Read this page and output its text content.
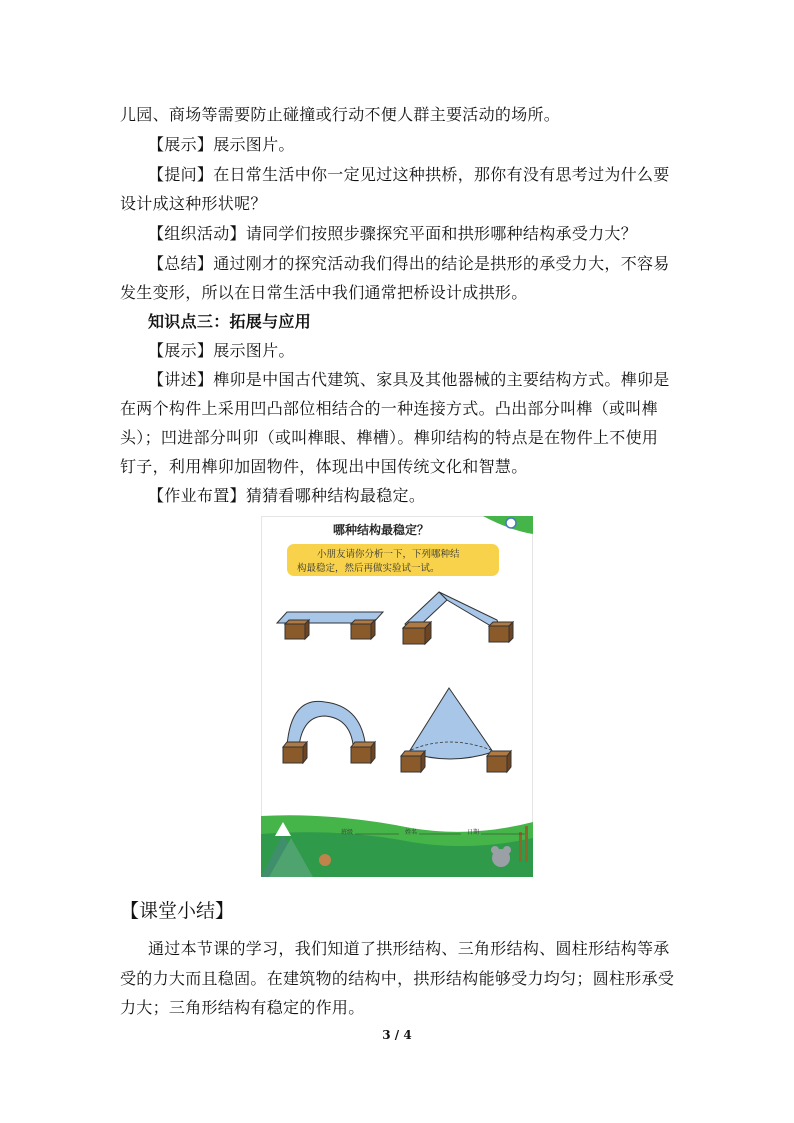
儿园、商场等需要防止碰撞或行动不便人群主要活动的场所。
【展示】展示图片。
【提问】在日常生活中你一定见过这种拱桥，那你有没有思考过为什么要
设计成这种形状呢？
【组织活动】请同学们按照步骤探究平面和拱形哪种结构承受力大？
【总结】通过刚才的探究活动我们得出的结论是拱形的承受力大，不容易
发生变形，所以在日常生活中我们通常把桥设计成拱形。
知识点三：拓展与应用
【展示】展示图片。
【讲述】榫卯是中国古代建筑、家具及其他器械的主要结构方式。榫卯是
在两个构件上采用凹凸部位相结合的一种连接方式。凸出部分叫榫（或叫榫
头）；凹进部分叫卯（或叫榫眼、榫槽）。榫卯结构的特点是在物件上不使用
钉子，利用榫卯加固物件，体现出中国传统文化和智慧。
【作业布置】猜猜看哪种结构最稳定。
哪种结构最稳定？
小朋友请你分析一下，下列哪种结
构最稳定，然后再做实验试一试。
班级	姓名	日期
【课堂小结】
通过本节课的学习，我们知道了拱形结构、三角形结构、圆柱形结构等承
受的力大而且稳固。在建筑物的结构中，拱形结构能够受力均匀；圆柱形承受
力大；三角形结构有稳定的作用。
3 / 4
